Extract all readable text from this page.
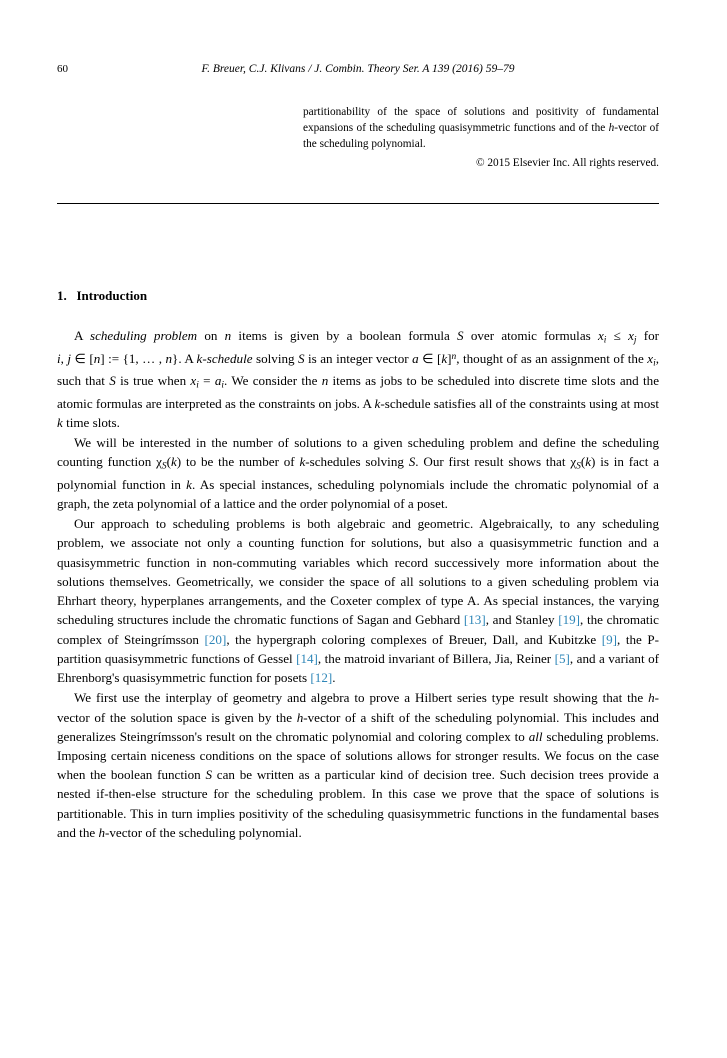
60	F. Breuer, C.J. Klivans / J. Combin. Theory Ser. A 139 (2016) 59–79
partitionability of the space of solutions and positivity of fundamental expansions of the scheduling quasisymmetric functions and of the h-vector of the scheduling polynomial.
© 2015 Elsevier Inc. All rights reserved.
1. Introduction

A scheduling problem on n items is given by a boolean formula S over atomic formulas $x_i \le x_j$ for i, j ∈ [n] := {1, … , n}. A k-schedule solving S is an integer vector a ∈ $[k]^n$, thought of as an assignment of the $x_i$, such that S is true when $x_i = a_i$. We consider the n items as jobs to be scheduled into discrete time slots and the atomic formulas are interpreted as the constraints on jobs. A k-schedule satisfies all of the constraints using at most k time slots.

We will be interested in the number of solutions to a given scheduling problem and define the scheduling counting function $\chi_S(k)$ to be the number of k-schedules solving S. Our first result shows that $\chi_S(k)$ is in fact a polynomial function in k. As special instances, scheduling polynomials include the chromatic polynomial of a graph, the zeta polynomial of a lattice and the order polynomial of a poset.

Our approach to scheduling problems is both algebraic and geometric. Algebraically, to any scheduling problem, we associate not only a counting function for solutions, but also a quasisymmetric function and a quasisymmetric function in non-commuting variables which record successively more information about the solutions themselves. Geometrically, we consider the space of all solutions to a given scheduling problem via Ehrhart theory, hyperplanes arrangements, and the Coxeter complex of type A. As special instances, the varying scheduling structures include the chromatic functions of Sagan and Gebhard [13], and Stanley [19], the chromatic complex of Steingrímsson [20], the hypergraph coloring complexes of Breuer, Dall, and Kubitzke [9], the P-partition quasisymmetric functions of Gessel [14], the matroid invariant of Billera, Jia, Reiner [5], and a variant of Ehrenborg's quasisymmetric function for posets [12].

We first use the interplay of geometry and algebra to prove a Hilbert series type result showing that the h-vector of the solution space is given by the h-vector of a shift of the scheduling polynomial. This includes and generalizes Steingrímsson's result on the chromatic polynomial and coloring complex to all scheduling problems. Imposing certain niceness conditions on the space of solutions allows for stronger results. We focus on the case when the boolean function S can be written as a particular kind of decision tree. Such decision trees provide a nested if-then-else structure for the scheduling problem. In this case we prove that the space of solutions is partitionable. This in turn implies positivity of the scheduling quasisymmetric functions in the fundamental bases and the h-vector of the scheduling polynomial.
